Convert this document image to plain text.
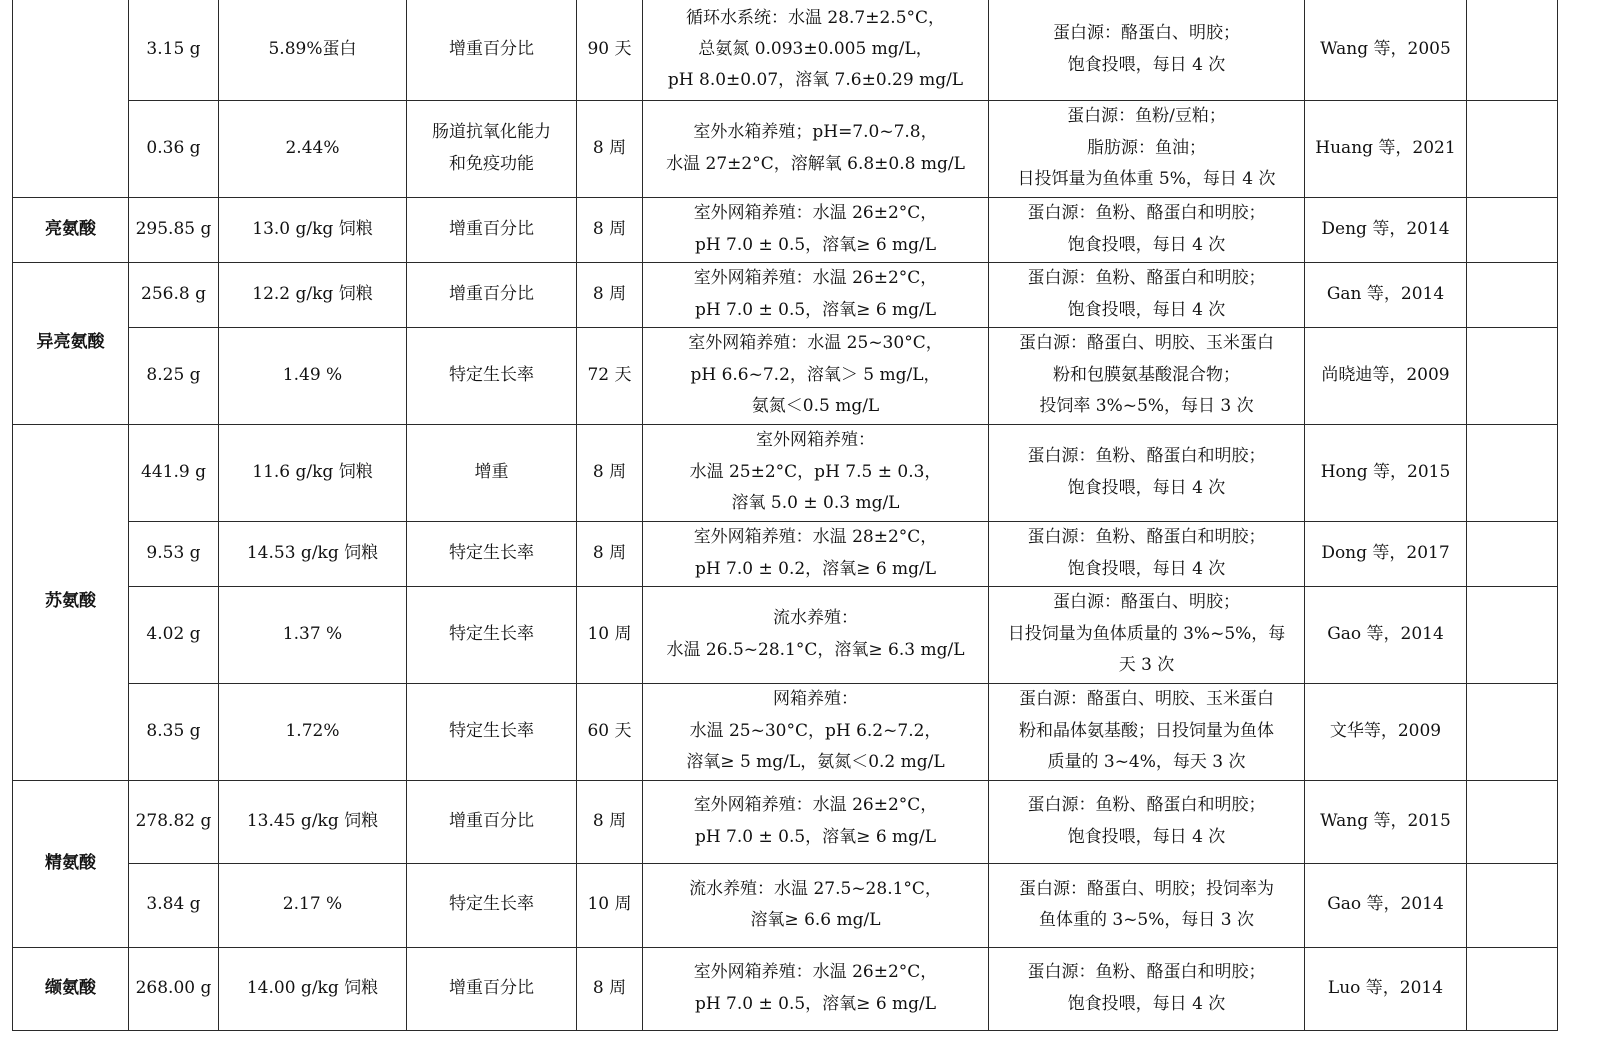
	3.15 g	5.89%蛋白	增重百分比	90 天	循环水系统：水温 28.7±2.5°C，
总氨氮 0.093±0.005 mg/L，
pH 8.0±0.07，溶氧 7.6±0.29 mg/L	蛋白源：酪蛋白、明胶；
饱食投喂，每日 4 次	Wang 等，2005	
	0.36 g	2.44%	肠道抗氧化能力
和免疫功能	8 周	室外水箱养殖；pH=7.0~7.8，
水温 27±2°C，溶解氧 6.8±0.8 mg/L	蛋白源：鱼粉/豆粕；
脂肪源：鱼油；
日投饵量为鱼体重 5%，每日 4 次	Huang 等，2021	
亮氨酸	295.85 g	13.0 g/kg 饲粮	增重百分比	8 周	室外网箱养殖：水温 26±2°C，
pH 7.0 ± 0.5，溶氧≥ 6 mg/L	蛋白源：鱼粉、酪蛋白和明胶；
饱食投喂，每日 4 次	Deng 等，2014	
异亮氨酸	256.8 g	12.2 g/kg 饲粮	增重百分比	8 周	室外网箱养殖：水温 26±2°C，
pH 7.0 ± 0.5，溶氧≥ 6 mg/L	蛋白源：鱼粉、酪蛋白和明胶；
饱食投喂，每日 4 次	Gan 等，2014	
	8.25 g	1.49 %	特定生长率	72 天	室外网箱养殖：水温 25~30°C，
pH 6.6~7.2，溶氧＞ 5 mg/L，
氨氮＜0.5 mg/L	蛋白源：酪蛋白、明胶、玉米蛋白
粉和包膜氨基酸混合物；
投饲率 3%~5%，每日 3 次	尚晓迪等，2009	
苏氨酸	441.9 g	11.6 g/kg 饲粮	增重	8 周	室外网箱养殖：
水温 25±2°C，pH 7.5 ± 0.3，
溶氧 5.0 ± 0.3 mg/L	蛋白源：鱼粉、酪蛋白和明胶；
饱食投喂，每日 4 次	Hong 等，2015	
	9.53 g	14.53 g/kg 饲粮	特定生长率	8 周	室外网箱养殖：水温 28±2°C，
pH 7.0 ± 0.2，溶氧≥ 6 mg/L	蛋白源：鱼粉、酪蛋白和明胶；
饱食投喂，每日 4 次	Dong 等，2017	
	4.02 g	1.37 %	特定生长率	10 周	流水养殖：
水温 26.5~28.1°C，溶氧≥ 6.3 mg/L	蛋白源：酪蛋白、明胶；
日投饲量为鱼体质量的 3%~5%，每
天 3 次	Gao 等，2014	
	8.35 g	1.72%	特定生长率	60 天	网箱养殖：
水温 25~30°C，pH 6.2~7.2，
溶氧≥ 5 mg/L，氨氮＜0.2 mg/L	蛋白源：酪蛋白、明胶、玉米蛋白
粉和晶体氨基酸；日投饲量为鱼体
质量的 3~4%，每天 3 次	文华等，2009	
精氨酸	278.82 g	13.45 g/kg 饲粮	增重百分比	8 周	室外网箱养殖：水温 26±2°C，
pH 7.0 ± 0.5，溶氧≥ 6 mg/L	蛋白源：鱼粉、酪蛋白和明胶；
饱食投喂，每日 4 次	Wang 等，2015	
	3.84 g	2.17 %	特定生长率	10 周	流水养殖：水温 27.5~28.1°C，
溶氧≥ 6.6 mg/L	蛋白源：酪蛋白、明胶；投饲率为
鱼体重的 3~5%，每日 3 次	Gao 等，2014	
缬氨酸	268.00 g	14.00 g/kg 饲粮	增重百分比	8 周	室外网箱养殖：水温 26±2°C，
pH 7.0 ± 0.5，溶氧≥ 6 mg/L	蛋白源：鱼粉、酪蛋白和明胶；
饱食投喂，每日 4 次	Luo 等，2014	
